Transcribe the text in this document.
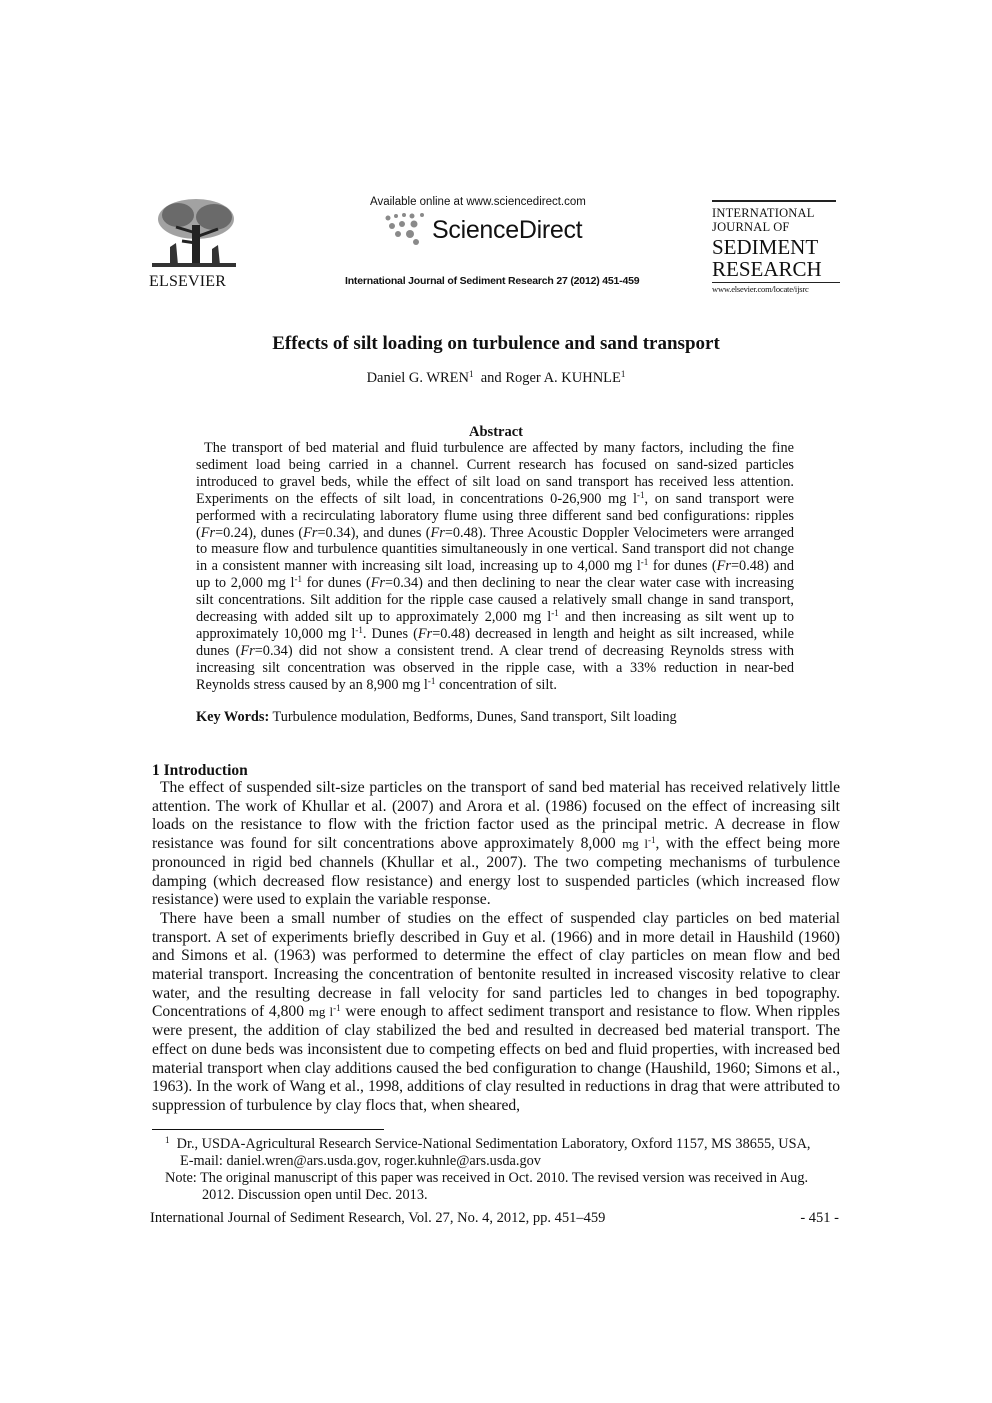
ELSEVIER
Available online at www.sciencedirect.com
ScienceDirect
International Journal of Sediment Research 27 (2012) 451-459
INTERNATIONAL
JOURNAL OF
SEDIMENT
RESEARCH
www.elsevier.com/locate/ijsrc
Effects of silt loading on turbulence and sand transport
Daniel G. WREN$^1$ and Roger A. KUHNLE$^1$
Abstract

The transport of bed material and fluid turbulence are affected by many factors, including the fine sediment load being carried in a channel. Current research has focused on sand-sized particles introduced to gravel beds, while the effect of silt load on sand transport has received less attention. Experiments on the effects of silt load, in concentrations 0-26,900 mg $l^{-1}$, on sand transport were performed with a recirculating laboratory flume using three different sand bed configurations: ripples (Fr=0.24), dunes (Fr=0.34), and dunes (Fr=0.48). Three Acoustic Doppler Velocimeters were arranged to measure flow and turbulence quantities simultaneously in one vertical. Sand transport did not change in a consistent manner with increasing silt load, increasing up to 4,000 mg $l^{-1}$ for dunes (Fr=0.48) and up to 2,000 mg $l^{-1}$ for dunes (Fr=0.34) and then declining to near the clear water case with increasing silt concentrations. Silt addition for the ripple case caused a relatively small change in sand transport, decreasing with added silt up to approximately 2,000 mg $l^{-1}$ and then increasing as silt went up to approximately 10,000 mg $l^{-1}$. Dunes (Fr=0.48) decreased in length and height as silt increased, while dunes (Fr=0.34) did not show a consistent trend. A clear trend of decreasing Reynolds stress with increasing silt concentration was observed in the ripple case, with a 33% reduction in near-bed Reynolds stress caused by an 8,900 mg $l^{-1}$ concentration of silt.

Key Words: Turbulence modulation, Bedforms, Dunes, Sand transport, Silt loading
1 Introduction

The effect of suspended silt-size particles on the transport of sand bed material has received relatively little attention. The work of Khullar et al. (2007) and Arora et al. (1986) focused on the effect of increasing silt loads on the resistance to flow with the friction factor used as the principal metric. A decrease in flow resistance was found for silt concentrations above approximately 8,000 mg $l^{-1}$, with the effect being more pronounced in rigid bed channels (Khullar et al., 2007). The two competing mechanisms of turbulence damping (which decreased flow resistance) and energy lost to suspended particles (which increased flow resistance) were used to explain the variable response.

There have been a small number of studies on the effect of suspended clay particles on bed material transport. A set of experiments briefly described in Guy et al. (1966) and in more detail in Haushild (1960) and Simons et al. (1963) was performed to determine the effect of clay particles on mean flow and bed material transport. Increasing the concentration of bentonite resulted in increased viscosity relative to clear water, and the resulting decrease in fall velocity for sand particles led to changes in bed topography. Concentrations of 4,800 mg $l^{-1}$ were enough to affect sediment transport and resistance to flow. When ripples were present, the addition of clay stabilized the bed and resulted in decreased bed material transport. The effect on dune beds was inconsistent due to competing effects on bed and fluid properties, with increased bed material transport when clay additions caused the bed configuration to change (Haushild, 1960; Simons et al., 1963). In the work of Wang et al., 1998, additions of clay resulted in reductions in drag that were attributed to suppression of turbulence by clay flocs that, when sheared,

$^1$ Dr., USDA-Agricultural Research Service-National Sedimentation Laboratory, Oxford 1157, MS 38655, USA,
E-mail: daniel.wren@ars.usda.gov, roger.kuhnle@ars.usda.gov
Note: The original manuscript of this paper was received in Oct. 2010. The revised version was received in Aug.
2012. Discussion open until Dec. 2013.
International Journal of Sediment Research, Vol. 27, No. 4, 2012, pp. 451–459	- 451 -
